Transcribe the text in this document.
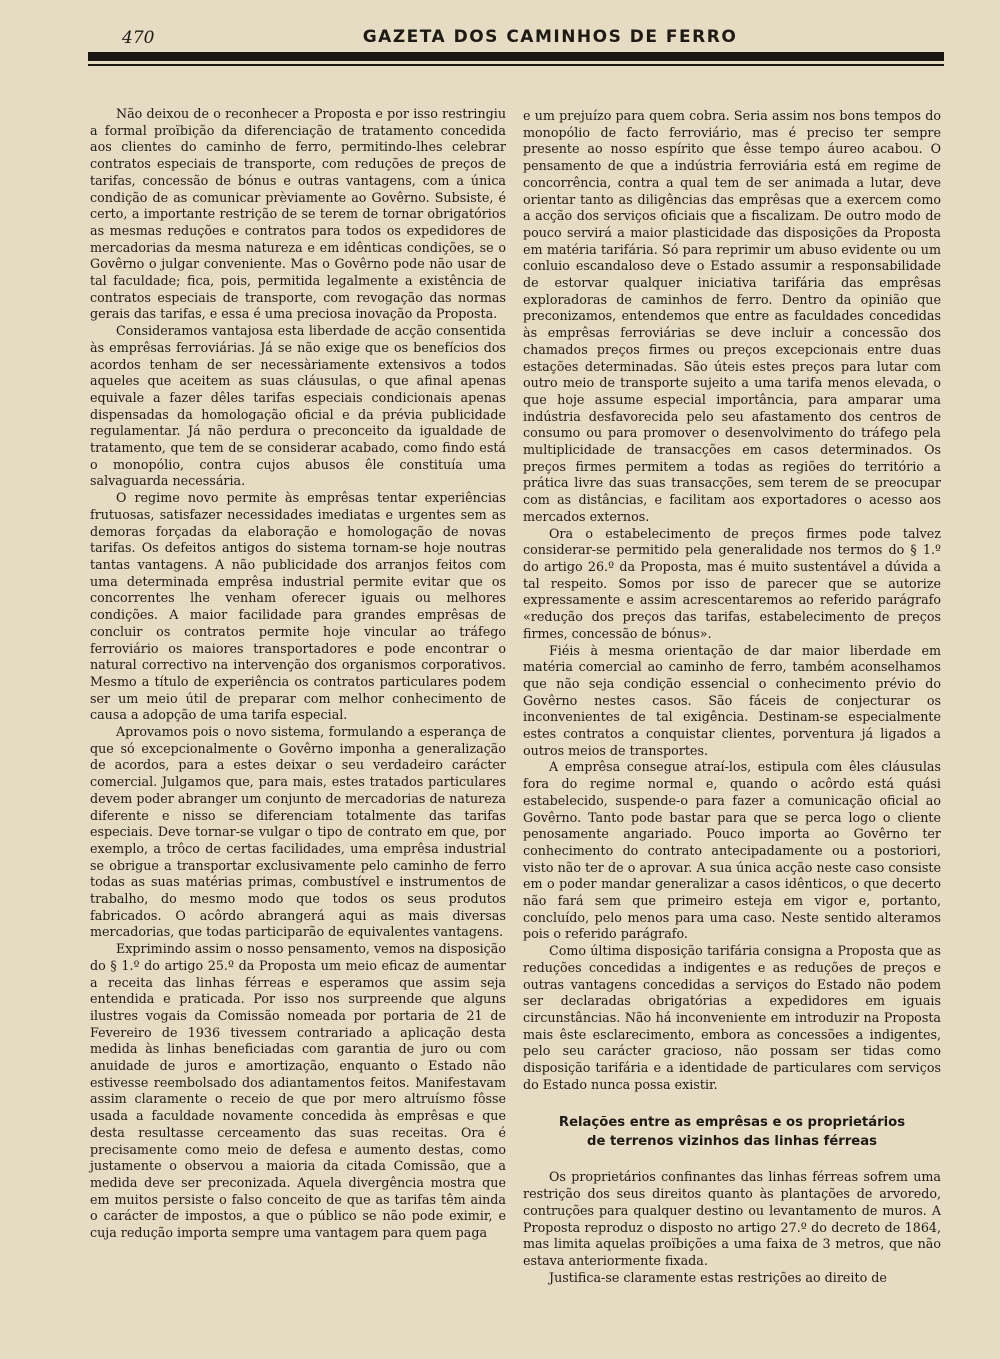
470	GAZETA DOS CAMINHOS DE FERRO

Não deixou de o reconhecer a Proposta e por isso restringiu a formal proïbição da diferenciação de tratamento concedida aos clientes do caminho de ferro, permitindo-lhes celebrar contratos especiais de transporte, com reduções de preços de tarifas, concessão de bónus e outras vantagens, com a única condição de as comunicar prèviamente ao Govêrno. Subsiste, é certo, a importante restrição de se terem de tornar obrigatórios as mesmas reduções e contratos para todos os expedidores de mercadorias da mesma natureza e em idênticas condições, se o Govêrno o julgar conveniente. Mas o Govêrno pode não usar de tal faculdade; fica, pois, permitida legalmente a existência de contratos especiais de transporte, com revogação das normas gerais das tarifas, e essa é uma preciosa inovação da Proposta.

Consideramos vantajosa esta liberdade de acção consentida às emprêsas ferroviárias. Já se não exige que os benefícios dos acordos tenham de ser necessàriamente extensivos a todos aqueles que aceitem as suas cláusulas, o que afinal apenas equivale a fazer dêles tarifas especiais condicionais apenas dispensadas da homologação oficial e da prévia publicidade regulamentar. Já não perdura o preconceito da igualdade de tratamento, que tem de se considerar acabado, como findo está o monopólio, contra cujos abusos êle constituía uma salvaguarda necessária.

O regime novo permite às emprêsas tentar experiências frutuosas, satisfazer necessidades imediatas e urgentes sem as demoras forçadas da elaboração e homologação de novas tarifas. Os defeitos antigos do sistema tornam-se hoje noutras tantas vantagens. A não publicidade dos arranjos feitos com uma determinada emprêsa industrial permite evitar que os concorrentes lhe venham oferecer iguais ou melhores condições. A maior facilidade para grandes emprêsas de concluir os contratos permite hoje vincular ao tráfego ferroviário os maiores transportadores e pode encontrar o natural correctivo na intervenção dos organismos corporativos. Mesmo a título de experiência os contratos particulares podem ser um meio útil de preparar com melhor conhecimento de causa a adopção de uma tarifa especial.

Aprovamos pois o novo sistema, formulando a esperança de que só excepcionalmente o Govêrno imponha a generalização de acordos, para a estes deixar o seu verdadeiro carácter comercial. Julgamos que, para mais, estes tratados particulares devem poder abranger um conjunto de mercadorias de natureza diferente e nisso se diferenciam totalmente das tarifas especiais. Deve tornar-se vulgar o tipo de contrato em que, por exemplo, a trôco de certas facilidades, uma emprêsa industrial se obrigue a transportar exclusivamente pelo caminho de ferro todas as suas matérias primas, combustível e instrumentos de trabalho, do mesmo modo que todos os seus produtos fabricados. O acôrdo abrangerá aqui as mais diversas mercadorias, que todas participarão de equivalentes vantagens.

Exprimindo assim o nosso pensamento, vemos na disposição do § 1.º do artigo 25.º da Proposta um meio eficaz de aumentar a receita das linhas férreas e esperamos que assim seja entendida e praticada. Por isso nos surpreende que alguns ilustres vogais da Comissão nomeada por portaria de 21 de Fevereiro de 1936 tivessem contrariado a aplicação desta medida às linhas beneficiadas com garantia de juro ou com anuidade de juros e amortização, enquanto o Estado não estivesse reembolsado dos adiantamentos feitos. Manifestavam assim claramente o receio de que por mero altruísmo fôsse usada a faculdade novamente concedida às emprêsas e que desta resultasse cerceamento das suas receitas. Ora é precisamente como meio de defesa e aumento destas, como justamente o observou a maioria da citada Comissão, que a medida deve ser preconizada. Aquela divergência mostra que em muitos persiste o falso conceito de que as tarifas têm ainda o carácter de impostos, a que o público se não pode eximir, e cuja redução importa sempre uma vantagem para quem paga

e um prejuízo para quem cobra. Seria assim nos bons tempos do monopólio de facto ferroviário, mas é preciso ter sempre presente ao nosso espírito que êsse tempo áureo acabou. O pensamento de que a indústria ferroviária está em regime de concorrência, contra a qual tem de ser animada a lutar, deve orientar tanto as diligências das emprêsas que a exercem como a acção dos serviços oficiais que a fiscalizam. De outro modo de pouco servirá a maior plasticidade das disposições da Proposta em matéria tarifária. Só para reprimir um abuso evidente ou um conluio escandaloso deve o Estado assumir a responsabilidade de estorvar qualquer iniciativa tarifária das emprêsas exploradoras de caminhos de ferro. Dentro da opinião que preconizamos, entendemos que entre as faculdades concedidas às emprêsas ferroviárias se deve incluir a concessão dos chamados preços firmes ou preços excepcionais entre duas estações determinadas. São úteis estes preços para lutar com outro meio de transporte sujeito a uma tarifa menos elevada, o que hoje assume especial importância, para amparar uma indústria desfavorecida pelo seu afastamento dos centros de consumo ou para promover o desenvolvimento do tráfego pela multiplicidade de transacções em casos determinados. Os preços firmes permitem a todas as regiões do território a prática livre das suas transacções, sem terem de se preocupar com as distâncias, e facilitam aos exportadores o acesso aos mercados externos.

Ora o estabelecimento de preços firmes pode talvez considerar-se permitido pela generalidade nos termos do § 1.º do artigo 26.º da Proposta, mas é muito sustentável a dúvida a tal respeito. Somos por isso de parecer que se autorize expressamente e assim acrescentaremos ao referido parágrafo «redução dos preços das tarifas, estabelecimento de preços firmes, concessão de bónus».

Fiéis à mesma orientação de dar maior liberdade em matéria comercial ao caminho de ferro, também aconselhamos que não seja condição essencial o conhecimento prévio do Govêrno nestes casos. São fáceis de conjecturar os inconvenientes de tal exigência. Destinam-se especialmente estes contratos a conquistar clientes, porventura já ligados a outros meios de transportes.

A emprêsa consegue atraí-los, estipula com êles cláusulas fora do regime normal e, quando o acôrdo está quási estabelecido, suspende-o para fazer a comunicação oficial ao Govêrno. Tanto pode bastar para que se perca logo o cliente penosamente angariado. Pouco importa ao Govêrno ter conhecimento do contrato antecipadamente ou a postoriori, visto não ter de o aprovar. A sua única acção neste caso consiste em o poder mandar generalizar a casos idênticos, o que decerto não fará sem que primeiro esteja em vigor e, portanto, concluído, pelo menos para uma caso. Neste sentido alteramos pois o referido parágrafo.

Como última disposição tarifária consigna a Proposta que as reduções concedidas a indigentes e as reduções de preços e outras vantagens concedidas a serviços do Estado não podem ser declaradas obrigatórias a expedidores em iguais circunstâncias. Não há inconveniente em introduzir na Proposta mais êste esclarecimento, embora as concessões a indigentes, pelo seu carácter gracioso, não possam ser tidas como disposição tarifária e a identidade de particulares com serviços do Estado nunca possa existir.

Relações entre as emprêsas e os proprietários
de terrenos vizinhos das linhas férreas

Os proprietários confinantes das linhas férreas sofrem uma restrição dos seus direitos quanto às plantações de arvoredo, contruções para qualquer destino ou levantamento de muros. A Proposta reproduz o disposto no artigo 27.º do decreto de 1864, mas limita aquelas proïbições a uma faixa de 3 metros, que não estava anteriormente fixada.

Justifica-se claramente estas restrições ao direito de
